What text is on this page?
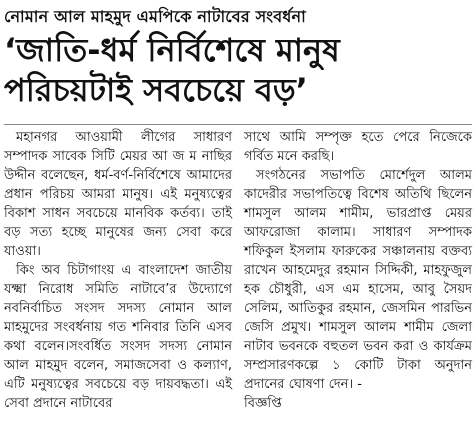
নোমান আল মাহমুদ এমপিকে নাটাবের সংবর্ধনা
‘জাতি-ধর্ম নির্বিশেষে মানুষ
পরিচয়টাই সবচেয়ে বড়’

মহানগর আওয়ামী লীগের সাধারণ সম্পাদক সাবেক সিটি মেয়র আ জ ম নাছির উদ্দীন বলেছেন, ধর্ম-বর্ণ-নির্বিশেষে আমাদের প্রধান পরিচয় আমরা মানুষ। এই মনুষ্যত্বের বিকাশ সাধন সবচেয়ে মানবিক কর্তব্য। তাই বড় সত্য হচ্ছে মানুষের জন্য সেবা করে যাওয়া।

কিং অব চিটাগাংয় এ বাংলাদেশ জাতীয় যক্ষ্মা নিরোধ সমিতি নাটাবে’র উদ্যোগে নবনির্বাচিত সংসদ সদস্য নোমান আল মাহমুদের সংবর্ধনায় গত শনিবার তিনি এসব কথা বলেন।সংবর্ধিত সংসদ সদস্য নোমান আল মাহমুদ বলেন, সমাজসেবা ও কল্যাণ, এটি মনুষ্যত্বের সবচেয়ে বড় দায়বদ্ধতা। এই সেবা প্রদানে নাটাবের

সাথে আমি সম্পৃক্ত হতে পেরে নিজেকে গর্বিত মনে করছি।

সংগঠনের সভাপতি মোর্শেদুল আলম কাদেরীর সভাপতিত্বে বিশেষ অতিথি ছিলেন শামসুল আলম শামীম, ভারপ্রাপ্ত মেয়র আফরোজা কালাম। সাধারণ সম্পাদক শফিকুল ইসলাম ফারুকের সঞ্চালনায় বক্তব্য রাখেন আহমেদুর রহমান সিদ্দিকী, মাহফুজুল হক চৌধুরী, এস এম হাসেম, আবু সৈয়দ সেলিম, আতিকুর রহমান, জেসমিন পারভিন জেসি প্রমুখ। শামসুল আলম শামীম জেলা নাটাব ভবনকে বহুতল ভবন করা ও কার্যক্রম সম্প্রসারণকল্পে ১ কোটি টাকা অনুদান প্রদানের ঘোষণা দেন। -

বিজ্ঞপ্তি
